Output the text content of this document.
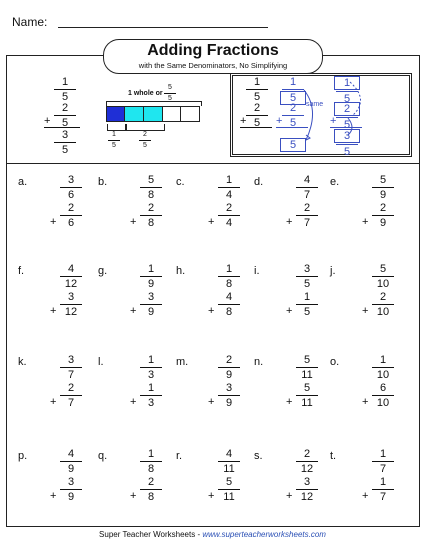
Name:
Adding Fractions
with the Same Denominators, No Simplifying
1
5
+
2
5
3
5
1 whole or
5
5
1
5
2
5
1
5
+
2
5
$\frac{1}{5}$
+
2
5
5
same $\frac{1}{5}$
+
$\frac{2}{5}$
$\frac{3}{5}$
a.	3
6
+
2
6
b.	5
8
+
2
8
c.	1
4
+
2
4
d.	4
7
+
2
7
e.	5
9
+
2
9
f.	4
12
+
3
12
g.	1
9
+
3
9
h.	1
8
+
4
8
i.	3
5
+
1
5
j.	5
10
+
2
10
k.	3
7
+
2
7
l.	1
3
+
1
3
m.	2
9
+
3
9
n.	5
11
+
5
11
o.	1
10
+
6
10
p.	4
9
+
3
9
q.	1
8
+
2
8
r.	4
11
+
5
11
s.	2
12
+
3
12
t.	1
7
+
1
7
Super Teacher Worksheets - www.superteacherworksheets.com
